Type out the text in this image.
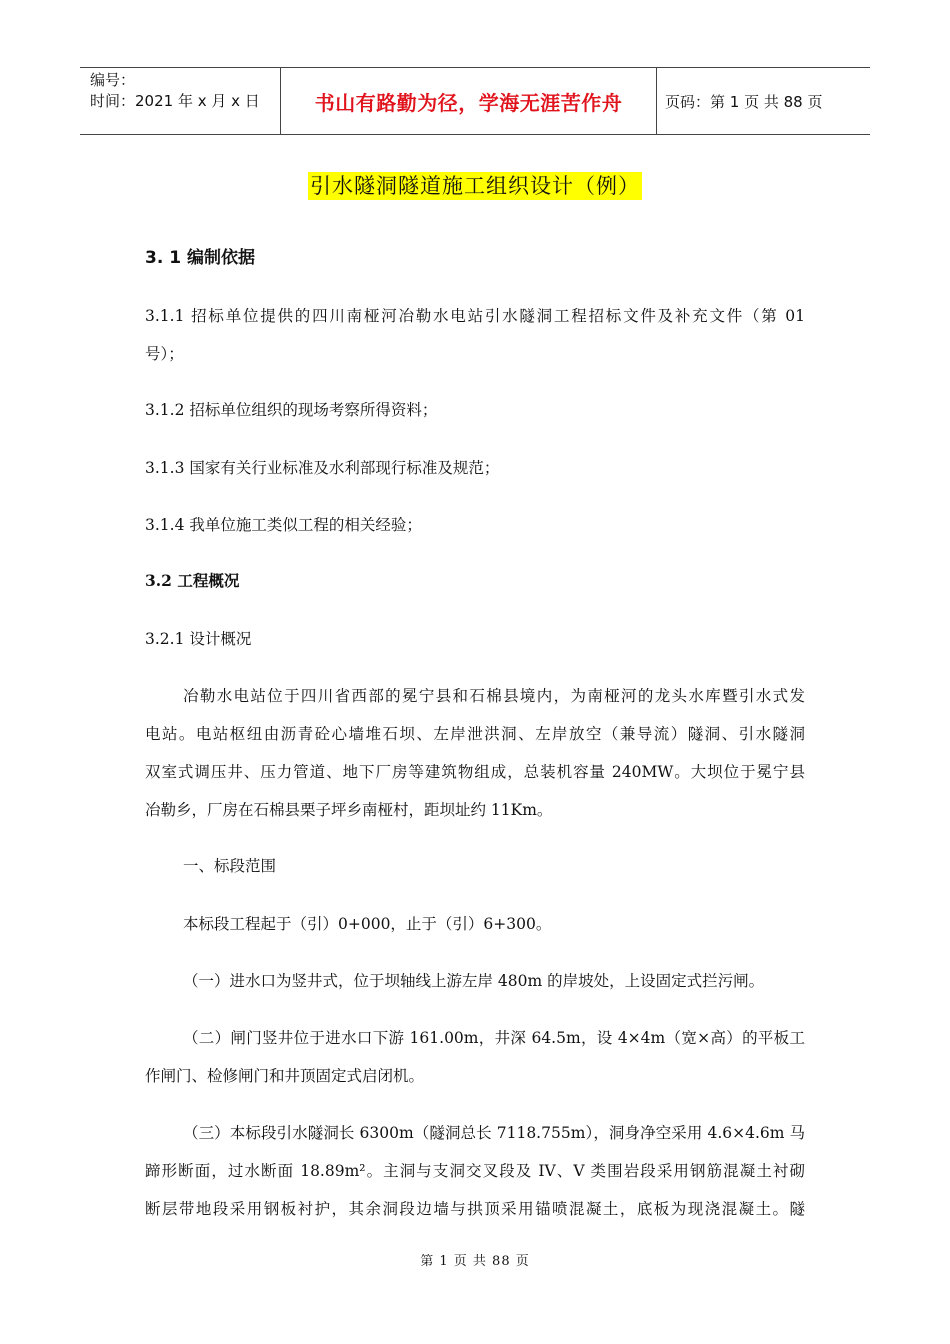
编号：
时间：2021 年 x 月 x 日	书山有路勤为径，学海无涯苦作舟	页码：第 1 页 共 88 页
引水隧洞隧道施工组织设计（例）
3. 1 编制依据
3.1.1 招标单位提供的四川南桠河冶勒水电站引水隧洞工程招标文件及补充文件（第 01
号）；
3.1.2 招标单位组织的现场考察所得资料；
3.1.3 国家有关行业标准及水利部现行标准及规范；
3.1.4 我单位施工类似工程的相关经验；
3.2 工程概况
3.2.1 设计概况
冶勒水电站位于四川省西部的冕宁县和石棉县境内，为南桠河的龙头水库暨引水式发
电站。电站枢纽由沥青砼心墙堆石坝、左岸泄洪洞、左岸放空（兼导流）隧洞、引水隧洞
双室式调压井、压力管道、地下厂房等建筑物组成，总装机容量 240MW。大坝位于冕宁县
冶勒乡，厂房在石棉县栗子坪乡南桠村，距坝址约 11Km。
一、标段范围
本标段工程起于（引）0+000，止于（引）6+300。
（一）进水口为竖井式，位于坝轴线上游左岸 480m 的岸坡处，上设固定式拦污闸。
（二）闸门竖井位于进水口下游 161.00m，井深 64.5m，设 4×4m（宽×高）的平板工
作闸门、检修闸门和井顶固定式启闭机。
（三）本标段引水隧洞长 6300m（隧洞总长 7118.755m），洞身净空采用 4.6×4.6m 马
蹄形断面，过水断面 18.89m²。主洞与支洞交叉段及 IV、V 类围岩段采用钢筋混凝土衬砌
断层带地段采用钢板衬护，其余洞段边墙与拱顶采用锚喷混凝土，底板为现浇混凝土。隧
第 1 页 共 88 页
